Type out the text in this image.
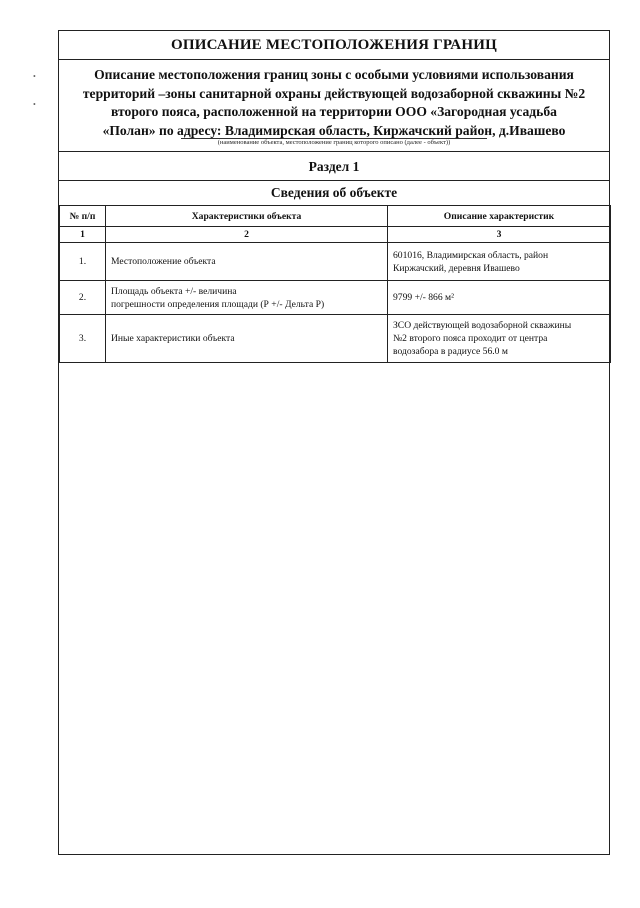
•
•
ОПИСАНИЕ МЕСТОПОЛОЖЕНИЯ ГРАНИЦ
Описание местоположения границ зоны с особыми условиями использования
территорий –зоны санитарной охраны действующей водозаборной скважины №2
второго пояса, расположенной на территории ООО «Загородная усадьба
«Полан» по адресу: Владимирская область, Киржачский район, д.Ивашево
(наименование объекта, местоположение границ которого описано (далее - объект))
Раздел 1
Сведения об объекте
№ п/п	Характеристики объекта	Описание характеристик
1	2	3
1.	Местоположение объекта	601016, Владимирская область, район
Киржачский, деревня Ивашево

2.	Площадь объекта +/- величина
погрешности определения площади (Р +/- Дельта Р)	9799 +/- 866 м²

3.	Иные характеристики объекта	ЗСО действующей водозаборной скважины
№2 второго пояса проходит от центра
водозабора в радиусе 56.0 м
